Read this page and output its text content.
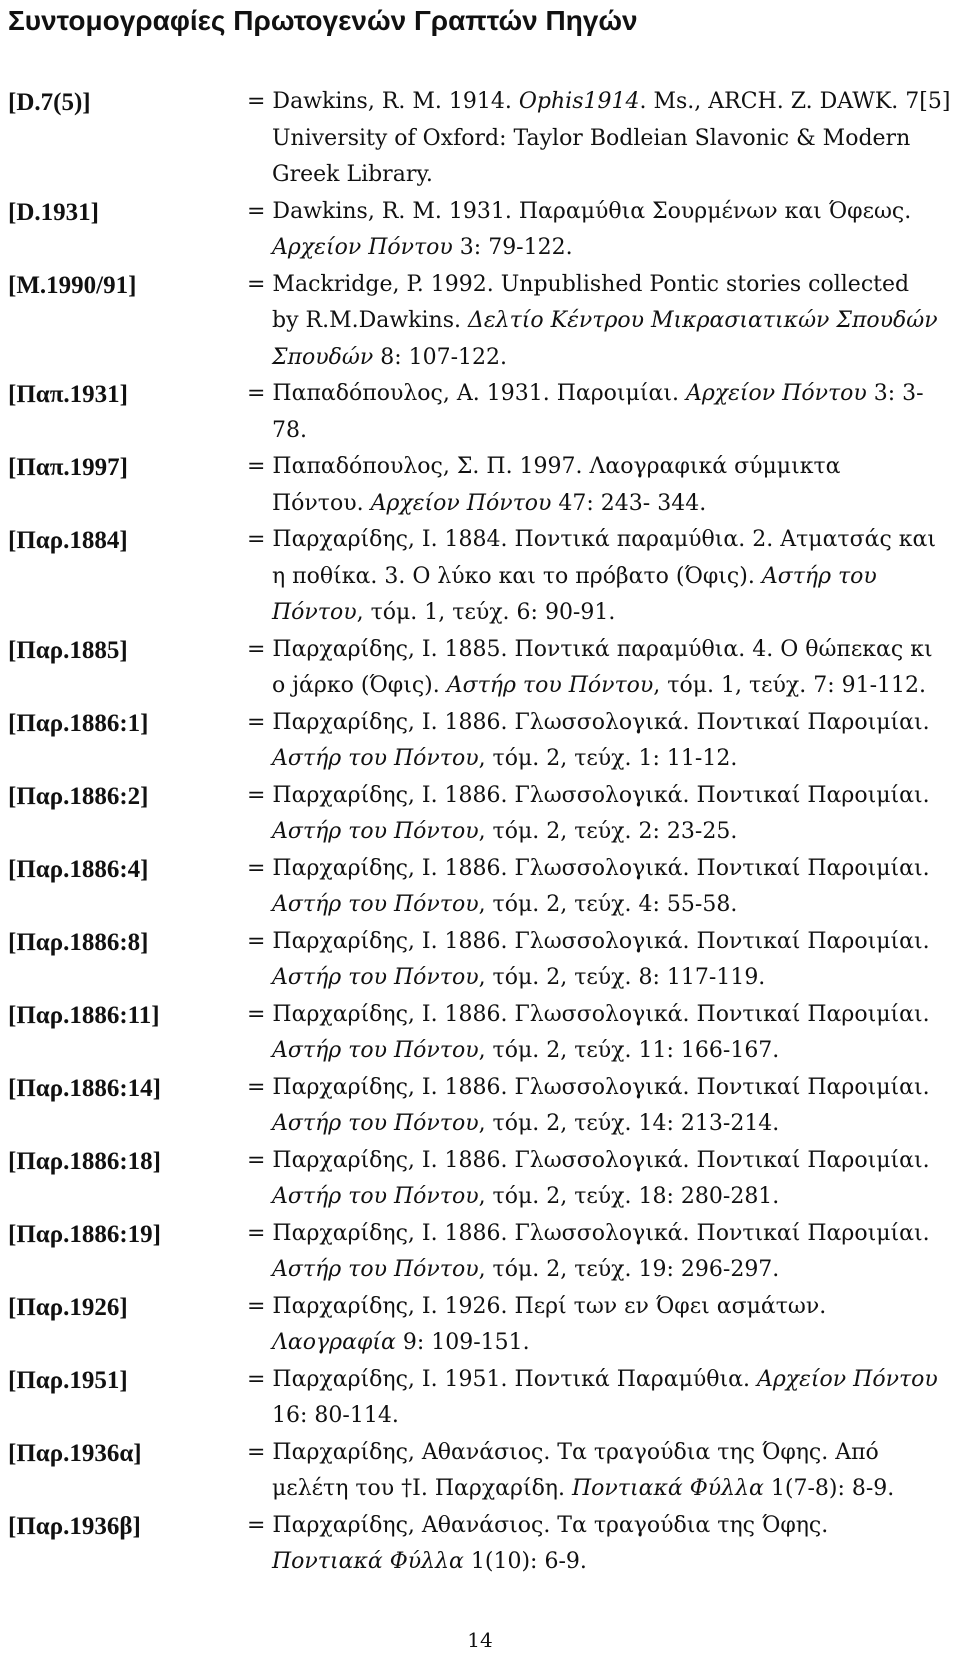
Συντομογραφίες Πρωτογενών Γραπτών Πηγών
[D.7(5)]	= Dawkins, R. M. 1914. Ophis1914. Ms., ARCH. Z. DAWK. 7[5]
University of Oxford: Taylor Bodleian Slavonic & Modern
Greek Library.
[D.1931]	= Dawkins, R. M. 1931. Παραμύθια Σουρμένων και Όφεως.
Αρχείον Πόντου 3: 79-122.
[M.1990/91]	= Mackridge, P. 1992. Unpublished Pontic stories collected
by R.M.Dawkins. Δελτίο Κέντρου Μικρασιατικών Σπουδών
Σπουδών 8: 107-122.
[Παπ.1931]	= Παπαδόπουλος, Α. 1931. Παροιμίαι. Αρχείον Πόντου 3: 3-
78.
[Παπ.1997]	= Παπαδόπουλος, Σ. Π. 1997. Λαογραφικά σύμμικτα
Πόντου. Αρχείον Πόντου 47: 243- 344.
[Παρ.1884]	= Παρχαρίδης, Ι. 1884. Ποντικά παραμύθια. 2. Ατματσάς και
η ποθίκα. 3. Ο λύκο και το πρόβατο (Όφις). Αστήρ του
Πόντου, τόμ. 1, τεύχ. 6: 90-91.
[Παρ.1885]	= Παρχαρίδης, Ι. 1885. Ποντικά παραμύθια. 4. Ο θώπεκας κι
ο jάρκο (Όφις). Αστήρ του Πόντου, τόμ. 1, τεύχ. 7: 91-112.
[Παρ.1886:1]	= Παρχαρίδης, Ι. 1886. Γλωσσολογικά. Ποντικαί Παροιμίαι.
Αστήρ του Πόντου, τόμ. 2, τεύχ. 1: 11-12.
[Παρ.1886:2]	= Παρχαρίδης, Ι. 1886. Γλωσσολογικά. Ποντικαί Παροιμίαι.
Αστήρ του Πόντου, τόμ. 2, τεύχ. 2: 23-25.
[Παρ.1886:4]	= Παρχαρίδης, Ι. 1886. Γλωσσολογικά. Ποντικαί Παροιμίαι.
Αστήρ του Πόντου, τόμ. 2, τεύχ. 4: 55-58.
[Παρ.1886:8]	= Παρχαρίδης, Ι. 1886. Γλωσσολογικά. Ποντικαί Παροιμίαι.
Αστήρ του Πόντου, τόμ. 2, τεύχ. 8: 117-119.
[Παρ.1886:11]	= Παρχαρίδης, Ι. 1886. Γλωσσολογικά. Ποντικαί Παροιμίαι.
Αστήρ του Πόντου, τόμ. 2, τεύχ. 11: 166-167.
[Παρ.1886:14]	= Παρχαρίδης, Ι. 1886. Γλωσσολογικά. Ποντικαί Παροιμίαι.
Αστήρ του Πόντου, τόμ. 2, τεύχ. 14: 213-214.
[Παρ.1886:18]	= Παρχαρίδης, Ι. 1886. Γλωσσολογικά. Ποντικαί Παροιμίαι.
Αστήρ του Πόντου, τόμ. 2, τεύχ. 18: 280-281.
[Παρ.1886:19]	= Παρχαρίδης, Ι. 1886. Γλωσσολογικά. Ποντικαί Παροιμίαι.
Αστήρ του Πόντου, τόμ. 2, τεύχ. 19: 296-297.
[Παρ.1926]	= Παρχαρίδης, Ι. 1926. Περί των εν Όφει ασμάτων.
Λαογραφία 9: 109-151.
[Παρ.1951]	= Παρχαρίδης, Ι. 1951. Ποντικά Παραμύθια. Αρχείον Πόντου
16: 80-114.
[Παρ.1936α]	= Παρχαρίδης, Αθανάσιος. Τα τραγούδια της Όφης. Από
μελέτη του †Ι. Παρχαρίδη. Ποντιακά Φύλλα 1(7-8): 8-9.
[Παρ.1936β]	= Παρχαρίδης, Αθανάσιος. Τα τραγούδια της Όφης.
Ποντιακά Φύλλα 1(10): 6-9.
14
